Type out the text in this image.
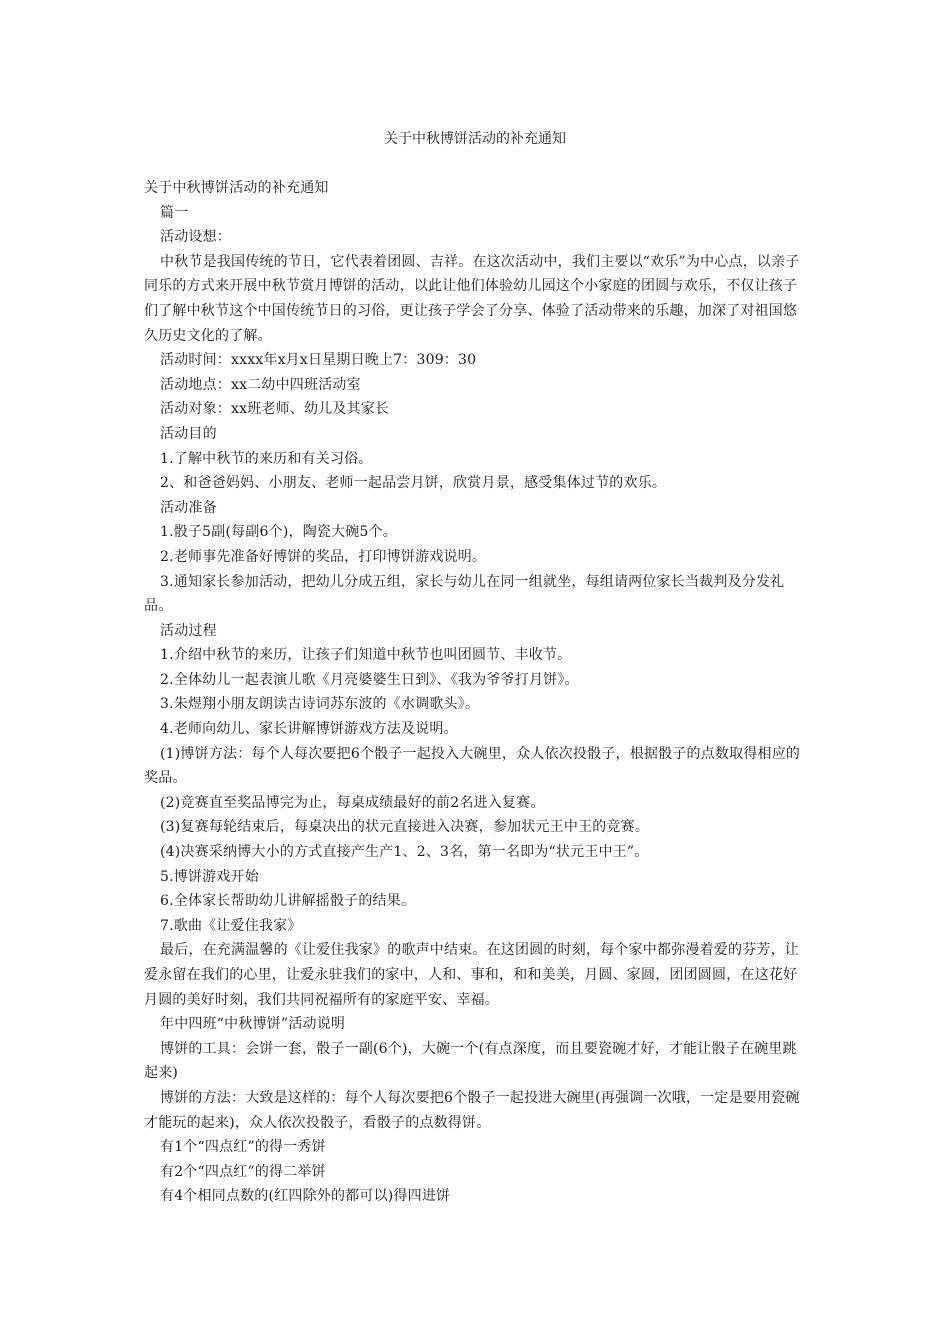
关于中秋博饼活动的补充通知

关于中秋博饼活动的补充通知

篇一

活动设想：

中秋节是我国传统的节日，它代表着团圆、吉祥。在这次活动中，我们主要以“欢乐”为中心点，以亲子同乐的方式来开展中秋节赏月博饼的活动，以此让他们体验幼儿园这个小家庭的团圆与欢乐，不仅让孩子们了解中秋节这个中国传统节日的习俗，更让孩子学会了分享、体验了活动带来的乐趣，加深了对祖国悠久历史文化的了解。

活动时间：xxxx年x月x日星期日晚上7：309：30

活动地点：xx二幼中四班活动室

活动对象：xx班老师、幼儿及其家长

活动目的

1.了解中秋节的来历和有关习俗。

2、和爸爸妈妈、小朋友、老师一起品尝月饼，欣赏月景，感受集体过节的欢乐。

活动准备

1.骰子5副(每副6个)，陶瓷大碗5个。

2.老师事先准备好博饼的奖品，打印博饼游戏说明。

3.通知家长参加活动，把幼儿分成五组，家长与幼儿在同一组就坐，每组请两位家长当裁判及分发礼品。

活动过程

1.介绍中秋节的来历，让孩子们知道中秋节也叫团圆节、丰收节。

2.全体幼儿一起表演儿歌《月亮婆婆生日到》、《我为爷爷打月饼》。

3.朱煜翔小朋友朗读古诗词苏东波的《水调歌头》。

4.老师向幼儿、家长讲解博饼游戏方法及说明。

(1)博饼方法：每个人每次要把6个骰子一起投入大碗里，众人依次投骰子，根据骰子的点数取得相应的奖品。

(2)竞赛直至奖品博完为止，每桌成绩最好的前2名进入复赛。

(3)复赛每轮结束后，每桌决出的状元直接进入决赛，参加状元王中王的竞赛。

(4)决赛采纳博大小的方式直接产生产1、2、3名，第一名即为“状元王中王”。

5.博饼游戏开始

6.全体家长帮助幼儿讲解摇骰子的结果。

7.歌曲《让爱住我家》

最后，在充满温馨的《让爱住我家》的歌声中结束。在这团圆的时刻，每个家中都弥漫着爱的芬芳，让爱永留在我们的心里，让爱永驻我们的家中，人和、事和，和和美美，月圆、家圆，团团圆圆，在这花好月圆的美好时刻，我们共同祝福所有的家庭平安、幸福。

年中四班“中秋博饼”活动说明

博饼的工具：会饼一套，骰子一副(6个)，大碗一个(有点深度，而且要瓷碗才好，才能让骰子在碗里跳起来)

博饼的方法：大致是这样的：每个人每次要把6个骰子一起投进大碗里(再强调一次哦，一定是要用瓷碗才能玩的起来)，众人依次投骰子，看骰子的点数得饼。

有1个“四点红”的得一秀饼

有2个“四点红”的得二举饼

有4个相同点数的(红四除外的都可以)得四进饼
